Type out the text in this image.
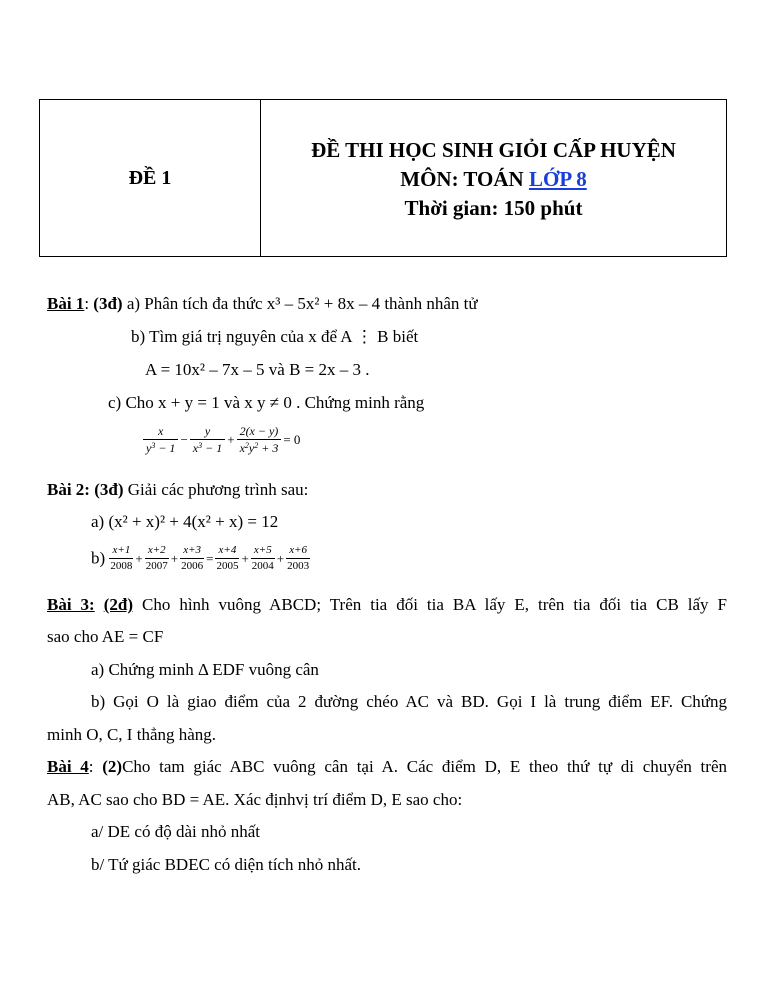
ĐỀ 1
ĐỀ THI HỌC SINH GIỎI CẤP HUYỆN
MÔN: TOÁN LỚP 8
Thời gian: 150 phút
Bài 1: (3đ) a) Phân tích đa thức x³ – 5x² + 8x – 4 thành nhân tử
b) Tìm giá trị nguyên của x để A ⋮ B biết
A = 10x² – 7x – 5 và B = 2x – 3 .
c) Cho x + y = 1 và x y ≠ 0 . Chứng minh rằng
$\frac{x}{y^3 - 1} - \frac{y}{x^3 - 1} + \frac{2(x - y)}{x^2y^2 + 3} = 0$
Bài 2: (3đ) Giải các phương trình sau:
a) (x² + x)² + 4(x² + x) = 12
$b) \frac{x+1}{2008} + \frac{x+2}{2007} + \frac{x+3}{2006} = \frac{x+4}{2005} + \frac{x+5}{2004} + \frac{x+6}{2003}$
Bài 3: (2đ) Cho hình vuông ABCD; Trên tia đối tia BA lấy E, trên tia đối tia CB lấy F
sao cho AE = CF
a) Chứng minh Δ EDF vuông cân
b) Gọi O là giao điểm của 2 đường chéo AC và BD. Gọi I là trung điểm EF. Chứng
minh O, C, I thẳng hàng.
Bài 4: (2)Cho tam giác ABC vuông cân tại A. Các điểm D, E theo thứ tự di chuyển trên
AB, AC sao cho BD = AE. Xác địnhvị trí điểm D, E sao cho:
a/ DE có độ dài nhỏ nhất
b/ Tứ giác BDEC có diện tích nhỏ nhất.
